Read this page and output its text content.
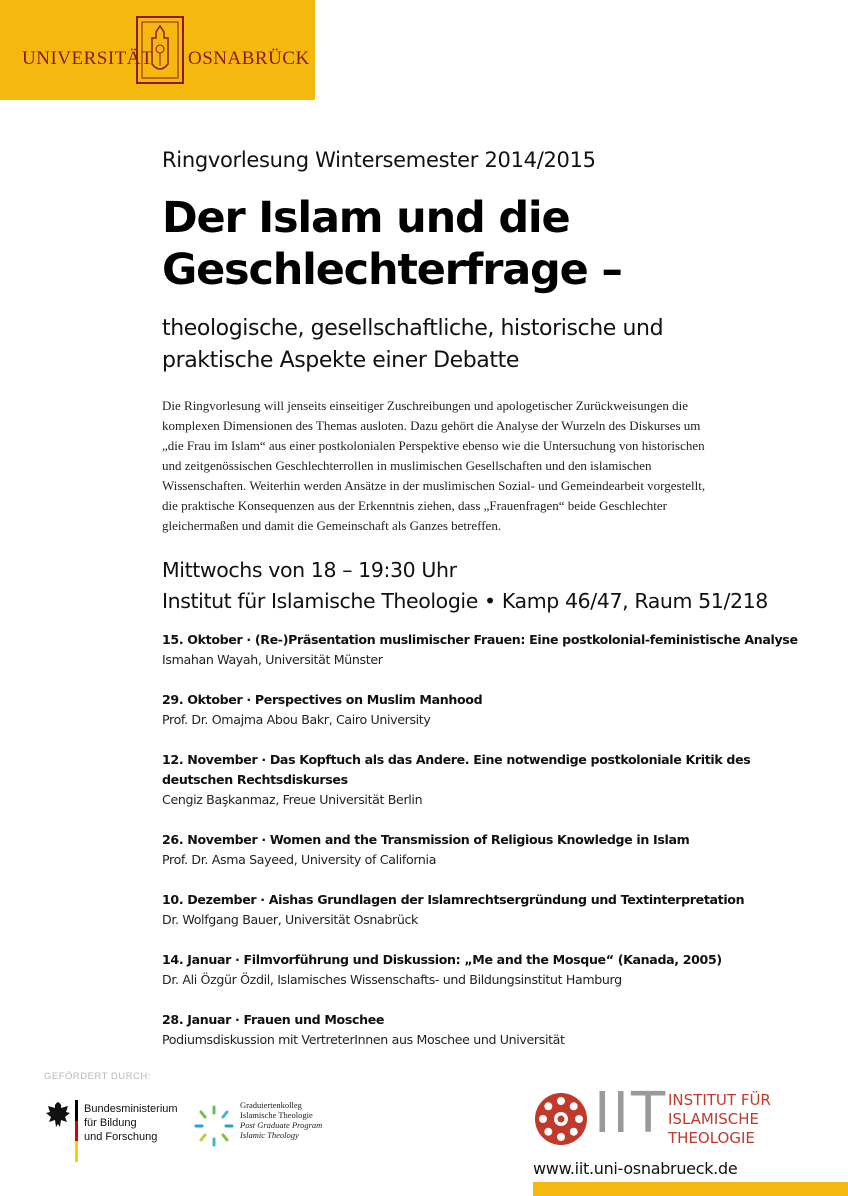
UNIVERSITÄT OSNABRÜCK
Ringvorlesung Wintersemester 2014/2015
Der Islam und die
Geschlechterfrage –
theologische, gesellschaftliche, historische und
praktische Aspekte einer Debatte
Die Ringvorlesung will jenseits einseitiger Zuschreibungen und apologetischer Zurückweisungen die
komplexen Dimensionen des Themas ausloten. Dazu gehört die Analyse der Wurzeln des Diskurses um
„die Frau im Islam“ aus einer postkolonialen Perspektive ebenso wie die Untersuchung von historischen
und zeitgenössischen Geschlechterrollen in muslimischen Gesellschaften und den islamischen
Wissenschaften. Weiterhin werden Ansätze in der muslimischen Sozial- und Gemeindearbeit vorgestellt,
die praktische Konsequenzen aus der Erkenntnis ziehen, dass „Frauenfragen“ beide Geschlechter
gleichermaßen und damit die Gemeinschaft als Ganzes betreffen.
Mittwochs von 18 – 19:30 Uhr
Institut für Islamische Theologie • Kamp 46/47, Raum 51/218
15. Oktober · (Re-)Präsentation muslimischer Frauen: Eine postkolonial-feministische Analyse
Ismahan Wayah, Universität Münster
29. Oktober · Perspectives on Muslim Manhood
Prof. Dr. Omajma Abou Bakr, Cairo University
12. November · Das Kopftuch als das Andere. Eine notwendige postkoloniale Kritik des
deutschen Rechtsdiskurses
Cengiz Başkanmaz, Freue Universität Berlin
26. November · Women and the Transmission of Religious Knowledge in Islam
Prof. Dr. Asma Sayeed, University of California
10. Dezember · Aishas Grundlagen der Islamrechtsergründung und Textinterpretation
Dr. Wolfgang Bauer, Universität Osnabrück
14. Januar · Filmvorführung und Diskussion: „Me and the Mosque“ (Kanada, 2005)
Dr. Ali Özgür Özdil, Islamisches Wissenschafts- und Bildungsinstitut Hamburg
28. Januar · Frauen und Moschee
Podiumsdiskussion mit VertreterInnen aus Moschee und Universität
GEFÖRDERT DURCH:
Bundesministerium
für Bildung
und Forschung
Graduiertenkolleg
Islamische Theologie
Post Graduate Program
Islamic Theology	IIT INSTITUT FÜR
ISLAMISCHE
THEOLOGIE
www.iit.uni-osnabrueck.de
